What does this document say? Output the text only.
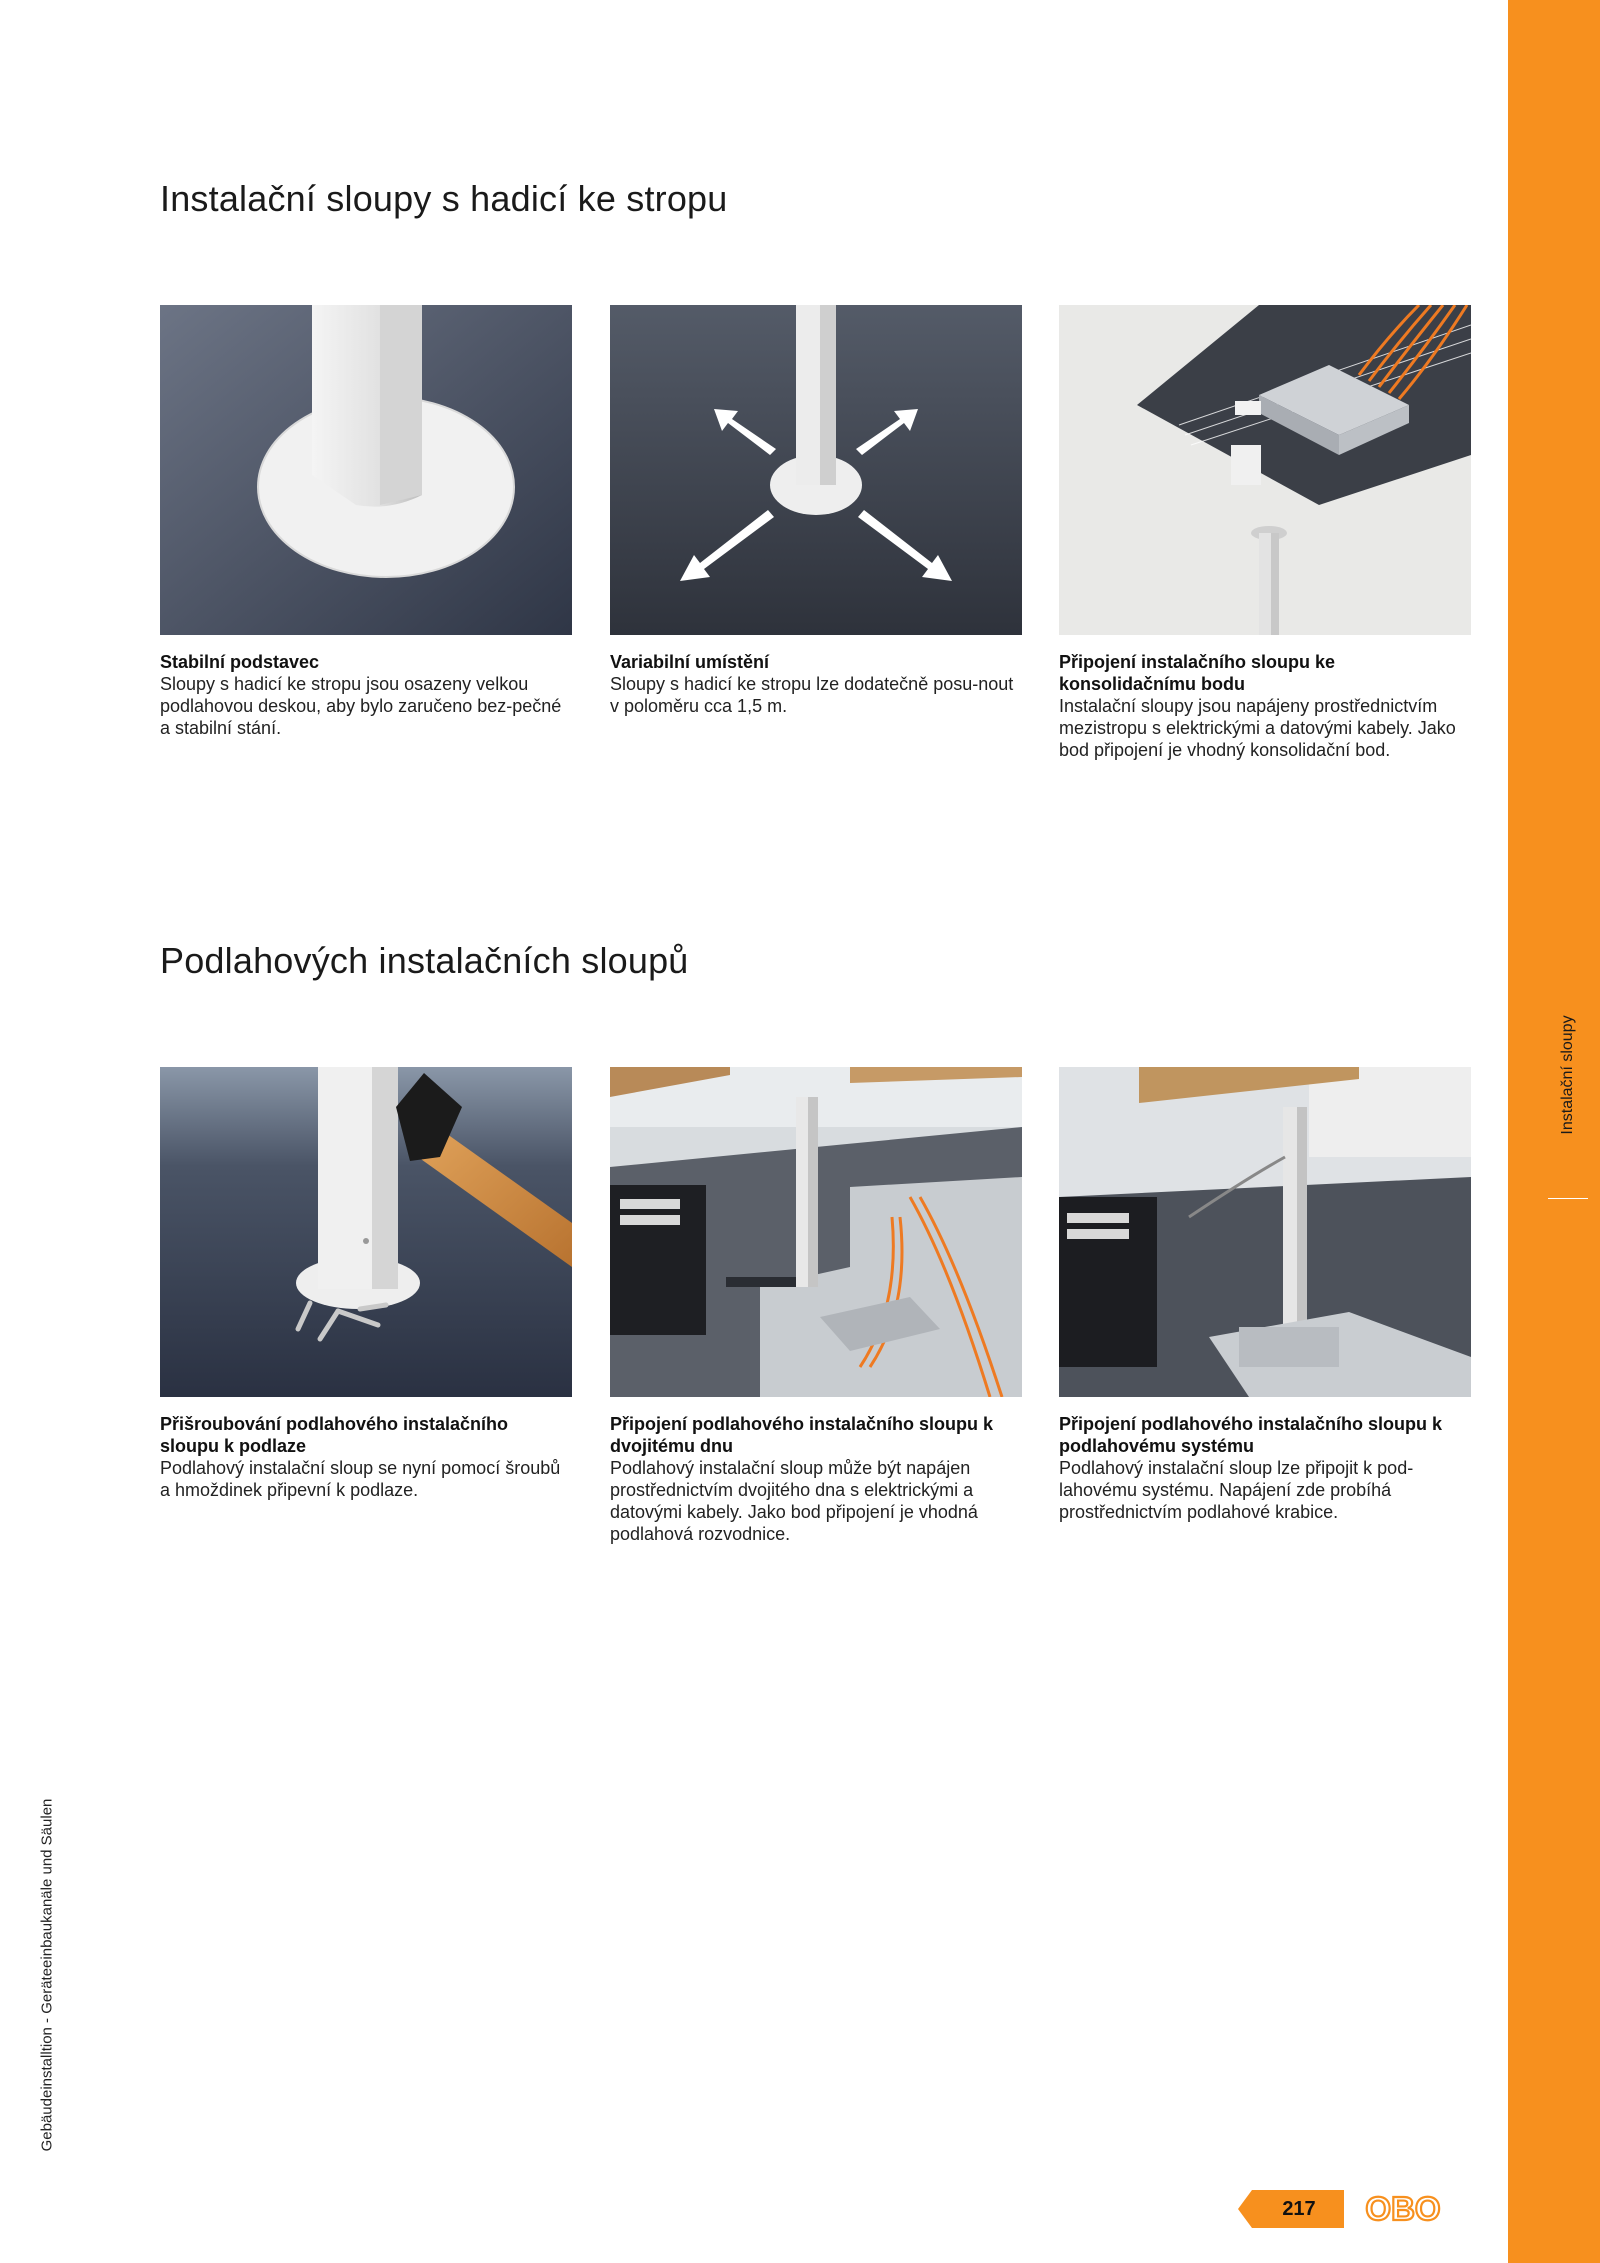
Instalační sloupy
Gebäudeinstalltion - Geräteeinbaukanäle und Säulen
Instalační sloupy s hadicí ke stropu
Stabilní podstavec

Sloupy s hadicí ke stropu jsou osazeny velkou podlahovou deskou, aby bylo zaručeno bez-pečné a stabilní stání.

Variabilní umístění

Sloupy s hadicí ke stropu lze dodatečně posu-nout v poloměru cca 1,5 m.

Připojení instalačního sloupu ke konsolidačnímu bodu

Instalační sloupy jsou napájeny prostřednictvím mezistropu s elektrickými a datovými kabely. Jako bod připojení je vhodný konsolidační bod.

Podlahových instalačních sloupů
Přišroubování podlahového instalačního sloupu k podlaze

Podlahový instalační sloup se nyní pomocí šroubů a hmoždinek připevní k podlaze.

Připojení podlahového instalačního sloupu k dvojitému dnu

Podlahový instalační sloup může být napájen prostřednictvím dvojitého dna s elektrickými a datovými kabely. Jako bod připojení je vhodná podlahová rozvodnice.

Připojení podlahového instalačního sloupu k podlahovému systému

Podlahový instalační sloup lze připojit k pod-lahovému systému. Napájení zde probíhá prostřednictvím podlahové krabice.

217	OBO
